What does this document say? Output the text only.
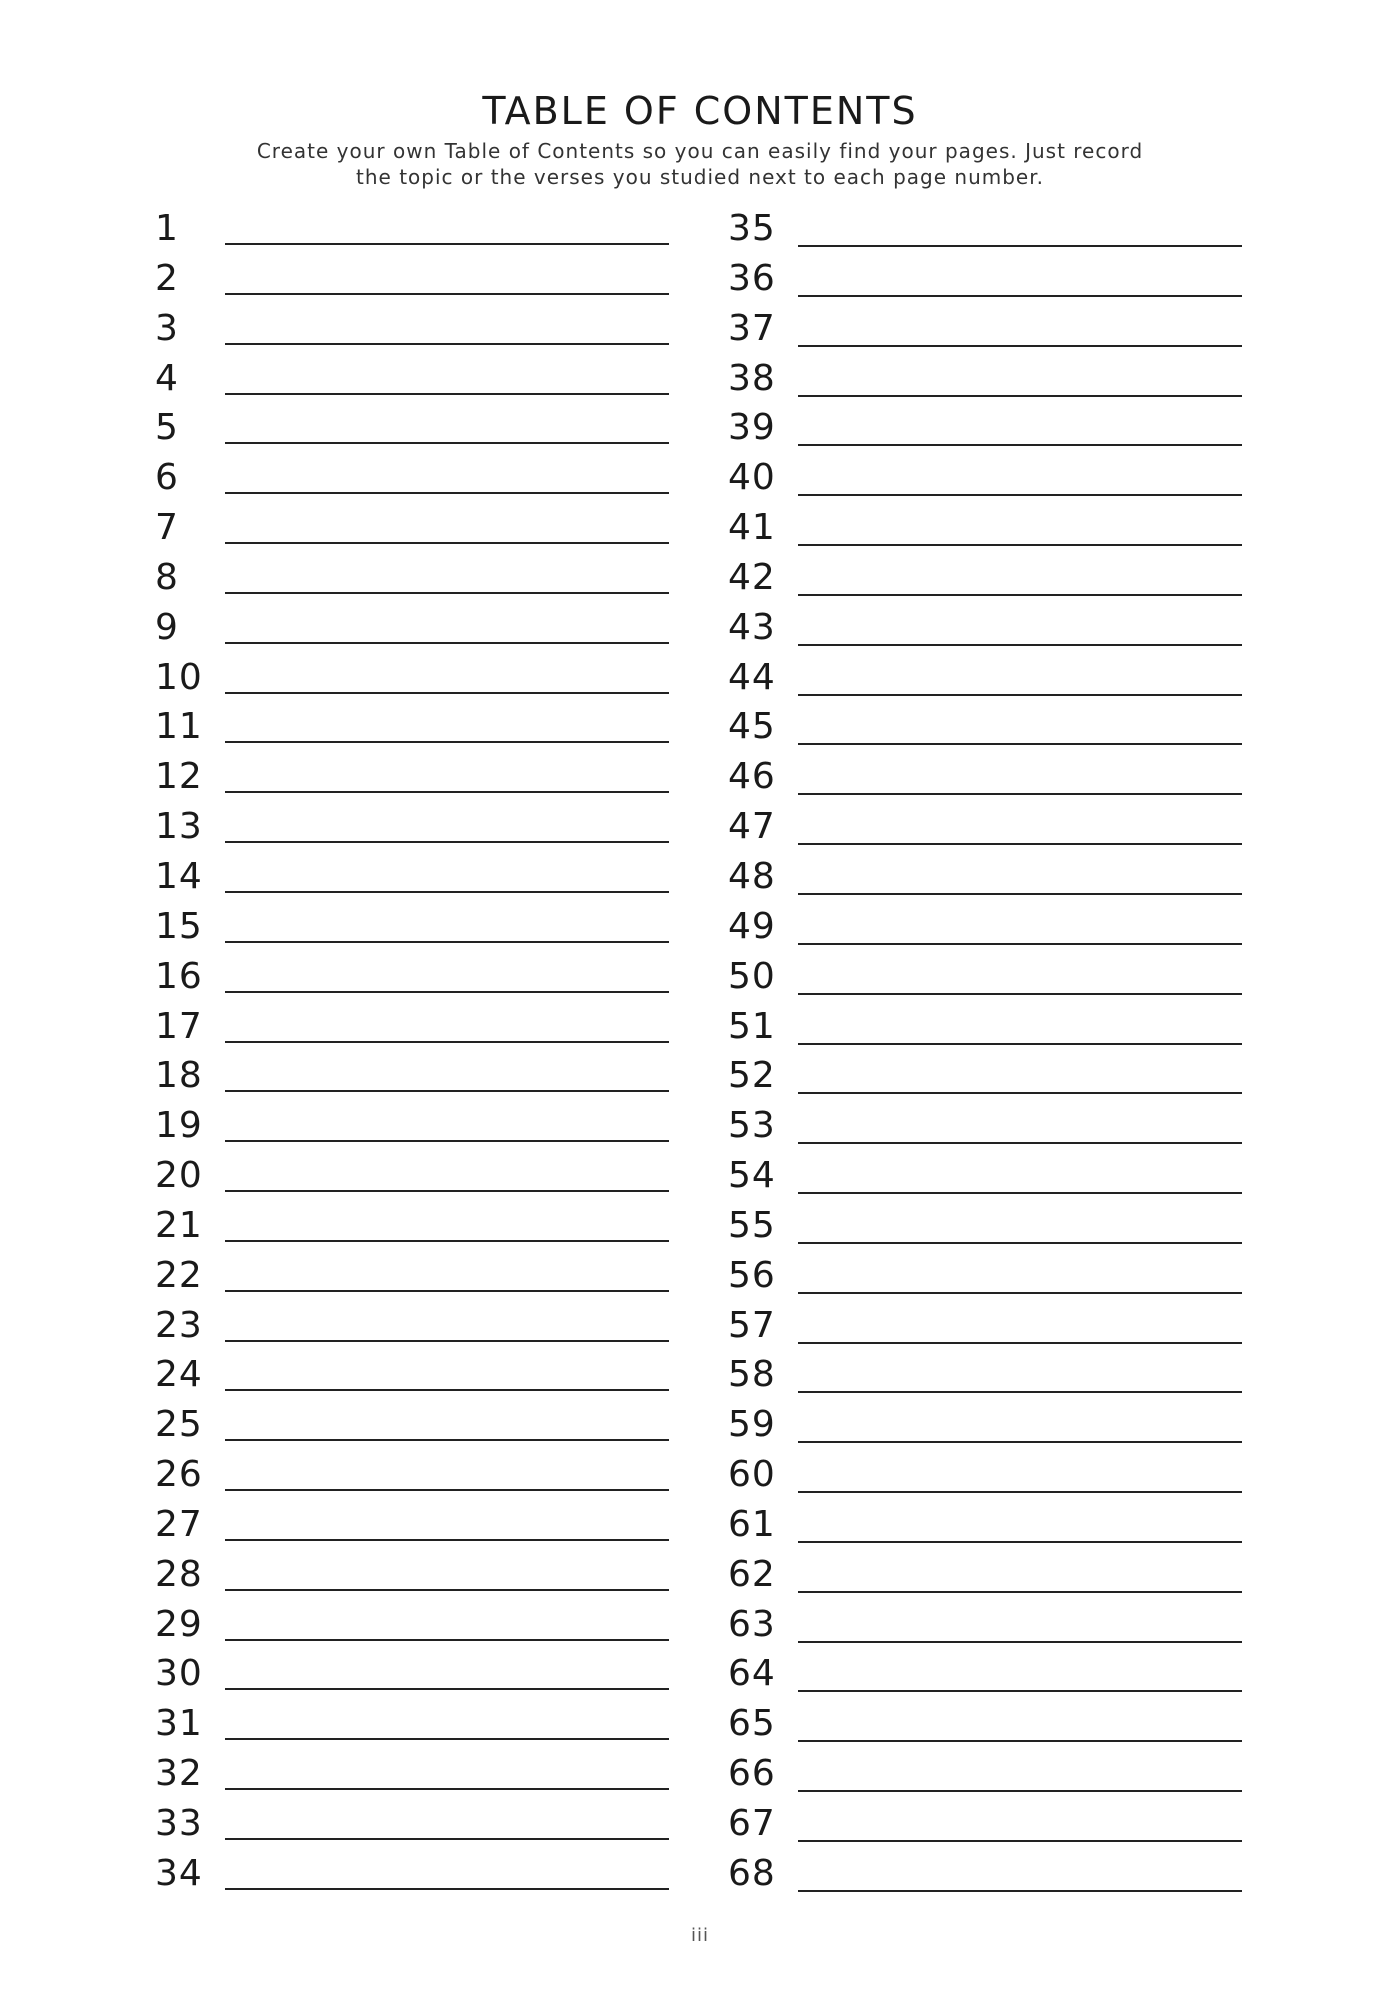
TABLE OF CONTENTS
Create your own Table of Contents so you can easily find your pages. Just record
the topic or the verses you studied next to each page number.
1
2
3
4
5
6
7
8
9
10
11
12
13
14
15
16
17
18
19
20
21
22
23
24
25
26
27
28
29
30
31
32
33
34
35
36
37
38
39
40
41
42
43
44
45
46
47
48
49
50
51
52
53
54
55
56
57
58
59
60
61
62
63
64
65
66
67
68
iii
